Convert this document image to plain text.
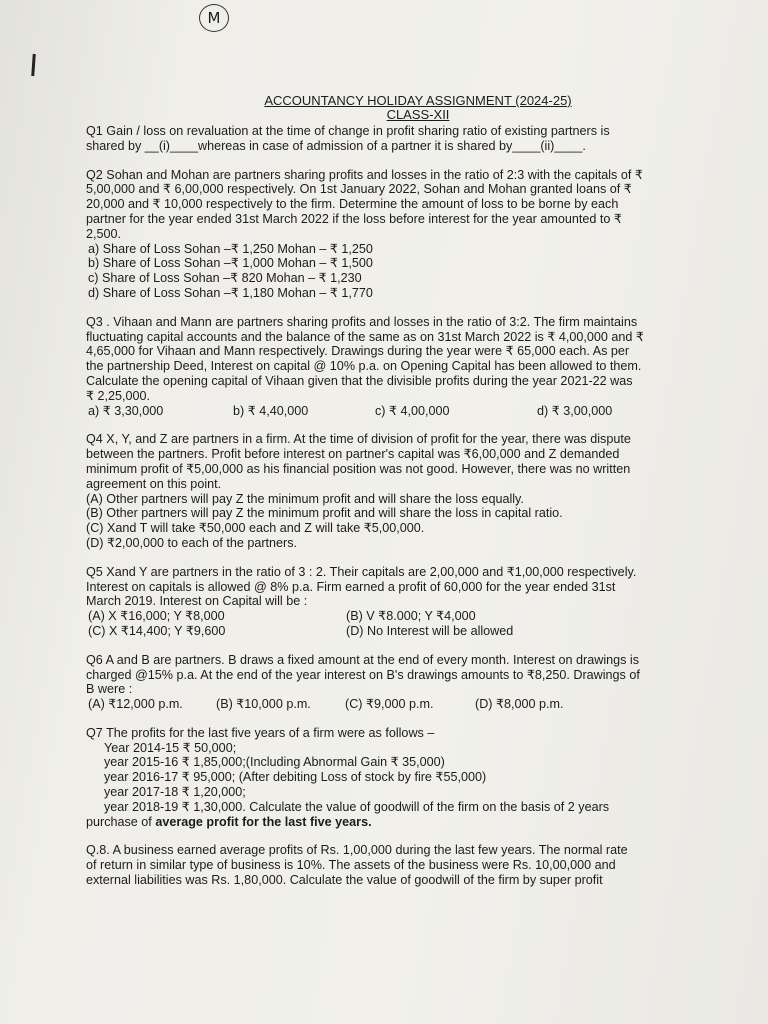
M
ACCOUNTANCY HOLIDAY ASSIGNMENT (2024-25)
CLASS-XII

Q1 Gain / loss on revaluation at the time of change in profit sharing ratio of existing partners is

shared by __(i)____whereas in case of admission of a partner it is shared by____(ii)____.

Q2 Sohan and Mohan are partners sharing profits and losses in the ratio of 2:3 with the capitals of ₹

5,00,000 and ₹ 6,00,000 respectively. On 1st January 2022, Sohan and Mohan granted loans of ₹

20,000 and ₹ 10,000 respectively to the firm. Determine the amount of loss to be borne by each

partner for the year ended 31st March 2022 if the loss before interest for the year amounted to ₹

2,500.

a) Share of Loss Sohan –₹ 1,250 Mohan – ₹ 1,250

b) Share of Loss Sohan –₹ 1,000 Mohan – ₹ 1,500

c) Share of Loss Sohan –₹ 820 Mohan – ₹ 1,230

d) Share of Loss Sohan –₹ 1,180 Mohan – ₹ 1,770

Q3 . Vihaan and Mann are partners sharing profits and losses in the ratio of 3:2. The firm maintains

fluctuating capital accounts and the balance of the same as on 31st March 2022 is ₹ 4,00,000 and ₹

4,65,000 for Vihaan and Mann respectively. Drawings during the year were ₹ 65,000 each. As per

the partnership Deed, Interest on capital @ 10% p.a. on Opening Capital has been allowed to them.

Calculate the opening capital of Vihaan given that the divisible profits during the year 2021-22 was

₹ 2,25,000.

a) ₹ 3,30,000	b) ₹ 4,40,000	c) ₹ 4,00,000	d) ₹ 3,00,000

Q4 X, Y, and Z are partners in a firm. At the time of division of profit for the year, there was dispute

between the partners. Profit before interest on partner's capital was ₹6,00,000 and Z demanded

minimum profit of ₹5,00,000 as his financial position was not good. However, there was no written

agreement on this point.

(A) Other partners will pay Z the minimum profit and will share the loss equally.

(B) Other partners will pay Z the minimum profit and will share the loss in capital ratio.

(C) Xand T will take ₹50,000 each and Z will take ₹5,00,000.

(D) ₹2,00,000 to each of the partners.

Q5 Xand Y are partners in the ratio of 3 : 2. Their capitals are 2,00,000 and ₹1,00,000 respectively.

Interest on capitals is allowed @ 8% p.a. Firm earned a profit of 60,000 for the year ended 31st

March 2019. Interest on Capital will be :

(A) X ₹16,000; Y ₹8,000	(B) V ₹8.000; Y ₹4,000
(C) X ₹14,400; Y ₹9,600	(D) No Interest will be allowed

Q6 A and B are partners. B draws a fixed amount at the end of every month. Interest on drawings is

charged @15% p.a. At the end of the year interest on B's drawings amounts to ₹8,250. Drawings of

B were :

(A) ₹12,000 p.m.	(B) ₹10,000 p.m.	(C) ₹9,000 p.m.	(D) ₹8,000 p.m.

Q7 The profits for the last five years of a firm were as follows –

Year 2014-15 ₹ 50,000;

year 2015-16 ₹ 1,85,000;(Including Abnormal Gain ₹ 35,000)

year 2016-17 ₹ 95,000; (After debiting Loss of stock by fire ₹55,000)

year 2017-18 ₹ 1,20,000;

year 2018-19 ₹ 1,30,000. Calculate the value of goodwill of the firm on the basis of 2 years

purchase of average profit for the last five years.

Q.8. A business earned average profits of Rs. 1,00,000 during the last few years. The normal rate

of return in similar type of business is 10%. The assets of the business were Rs. 10,00,000 and

external liabilities was Rs. 1,80,000. Calculate the value of goodwill of the firm by super profit
